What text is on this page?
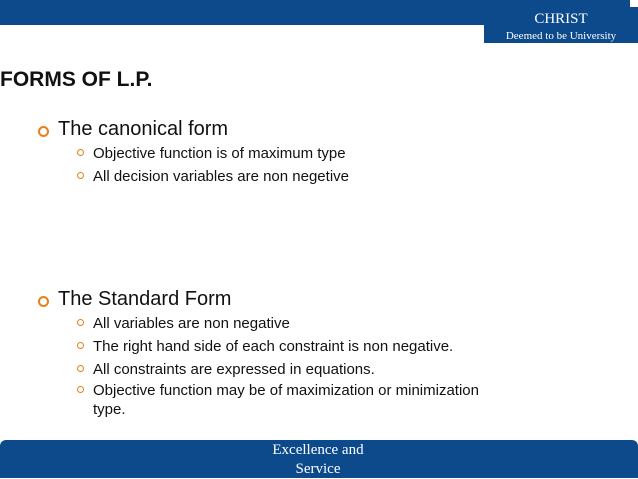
CHRIST
Deemed to be University
FORMS OF L.P.
The canonical form
Objective function is of maximum type
All decision variables are non negetive
The Standard Form
All variables are non negative
The right hand side of each constraint is non negative.
All constraints are expressed in equations.
Objective function may be of maximization or minimization type.
Excellence and
Service
